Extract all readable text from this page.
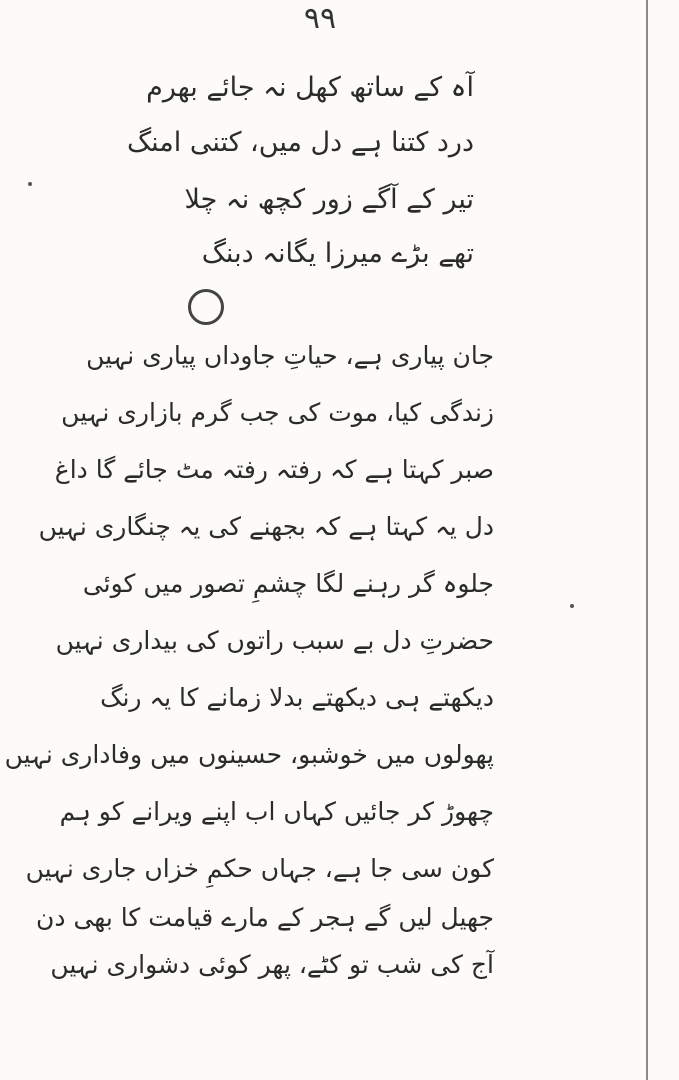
۹۹
آہ کے ساتھ کھل نہ جائے بھرم
درد کتنا ہے دل میں، کتنی امنگ
تیر کے آگے زور کچھ نہ چلا
تھے بڑے میرزا یگانہ دبنگ
جان پیاری ہے، حیاتِ جاوداں پیاری نہیں
زندگی کیا، موت کی جب گرم بازاری نہیں
صبر کہتا ہے کہ رفتہ رفتہ مٹ جائے گا داغ
دل یہ کہتا ہے کہ بجھنے کی یہ چنگاری نہیں
جلوہ گر رہنے لگا چشمِ تصور میں کوئی
حضرتِ دل بے سبب راتوں کی بیداری نہیں
دیکھتے ہی دیکھتے بدلا زمانے کا یہ رنگ
پھولوں میں خوشبو، حسینوں میں وفاداری نہیں
چھوڑ کر جائیں کہاں اب اپنے ویرانے کو ہم
کون سی جا ہے، جہاں حکمِ خزاں جاری نہیں
جھیل لیں گے ہجر کے مارے قیامت کا بھی دن
آج کی شب تو کٹے، پھر کوئی دشواری نہیں
